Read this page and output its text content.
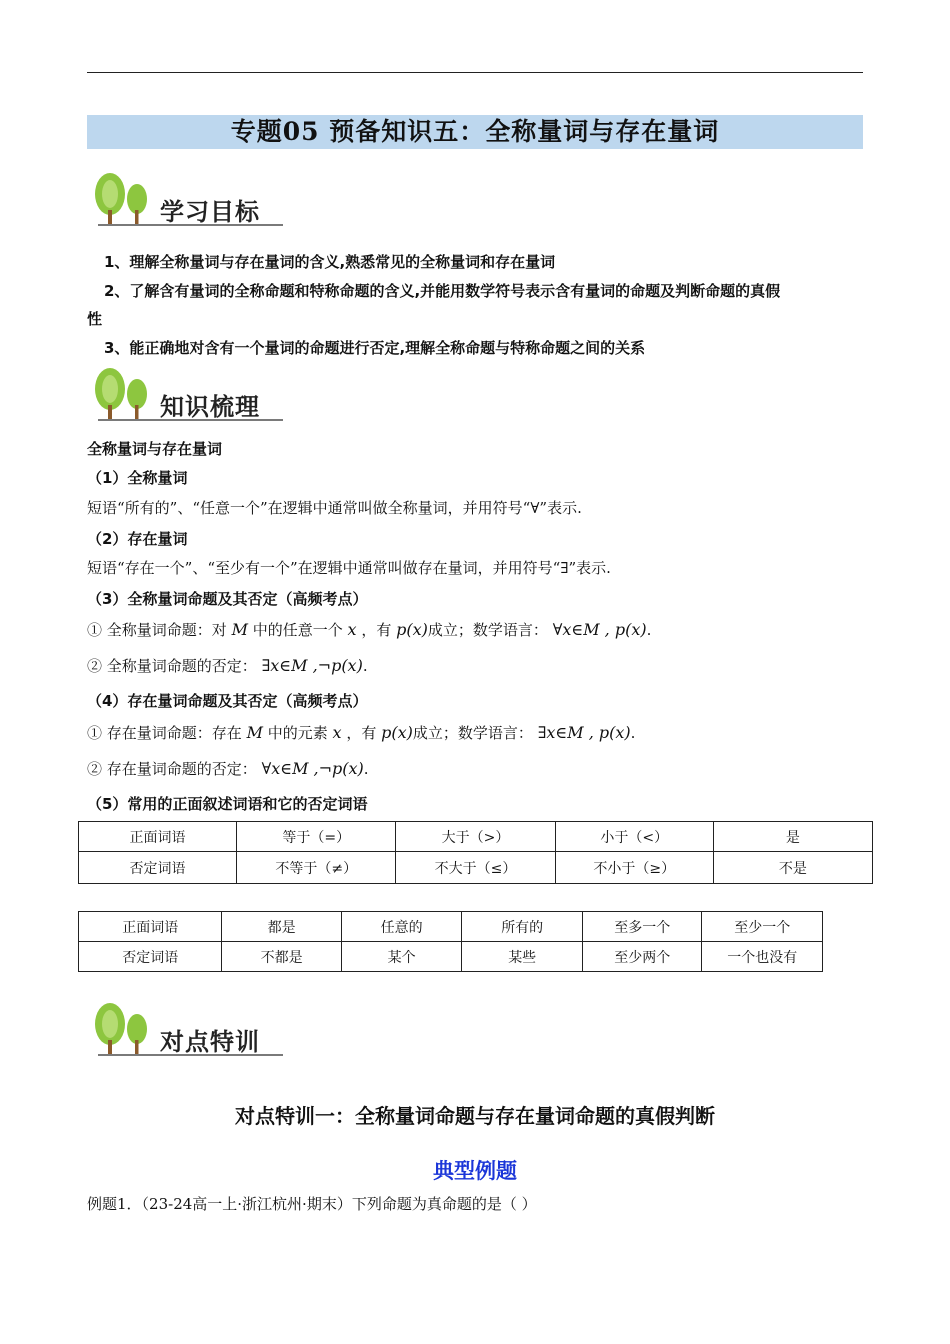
专题05 预备知识五：全称量词与存在量词
学习目标
1、理解全称量词与存在量词的含义,熟悉常见的全称量词和存在量词
2、了解含有量词的全称命题和特称命题的含义,并能用数学符号表示含有量词的命题及判断命题的真假
性
3、能正确地对含有一个量词的命题进行否定,理解全称命题与特称命题之间的关系
知识梳理
全称量词与存在量词
（1）全称量词
短语“所有的”、“任意一个”在逻辑中通常叫做全称量词，并用符号“∀”表示.
（2）存在量词
短语“存在一个”、“至少有一个”在逻辑中通常叫做存在量词，并用符号“∃”表示.
（3）全称量词命题及其否定（高频考点）
① 全称量词命题：对 M 中的任意一个 x ，有 p(x)成立；数学语言： ∀x∈M , p(x).
② 全称量词命题的否定： ∃x∈M ,¬p(x).
（4）存在量词命题及其否定（高频考点）
① 存在量词命题：存在 M 中的元素 x ，有 p(x)成立；数学语言： ∃x∈M , p(x).
② 存在量词命题的否定： ∀x∈M ,¬p(x).
（5）常用的正面叙述词语和它的否定词语
正面词语	等于（=）	大于（>）	小于（<）	是
否定词语	不等于（≠）	不大于（≤）	不小于（≥）	不是
正面词语	都是	任意的	所有的	至多一个	至少一个
否定词语	不都是	某个	某些	至少两个	一个也没有
对点特训
对点特训一：全称量词命题与存在量词命题的真假判断
典型例题
例题1．（23-24高一上·浙江杭州·期末）下列命题为真命题的是（ ）
